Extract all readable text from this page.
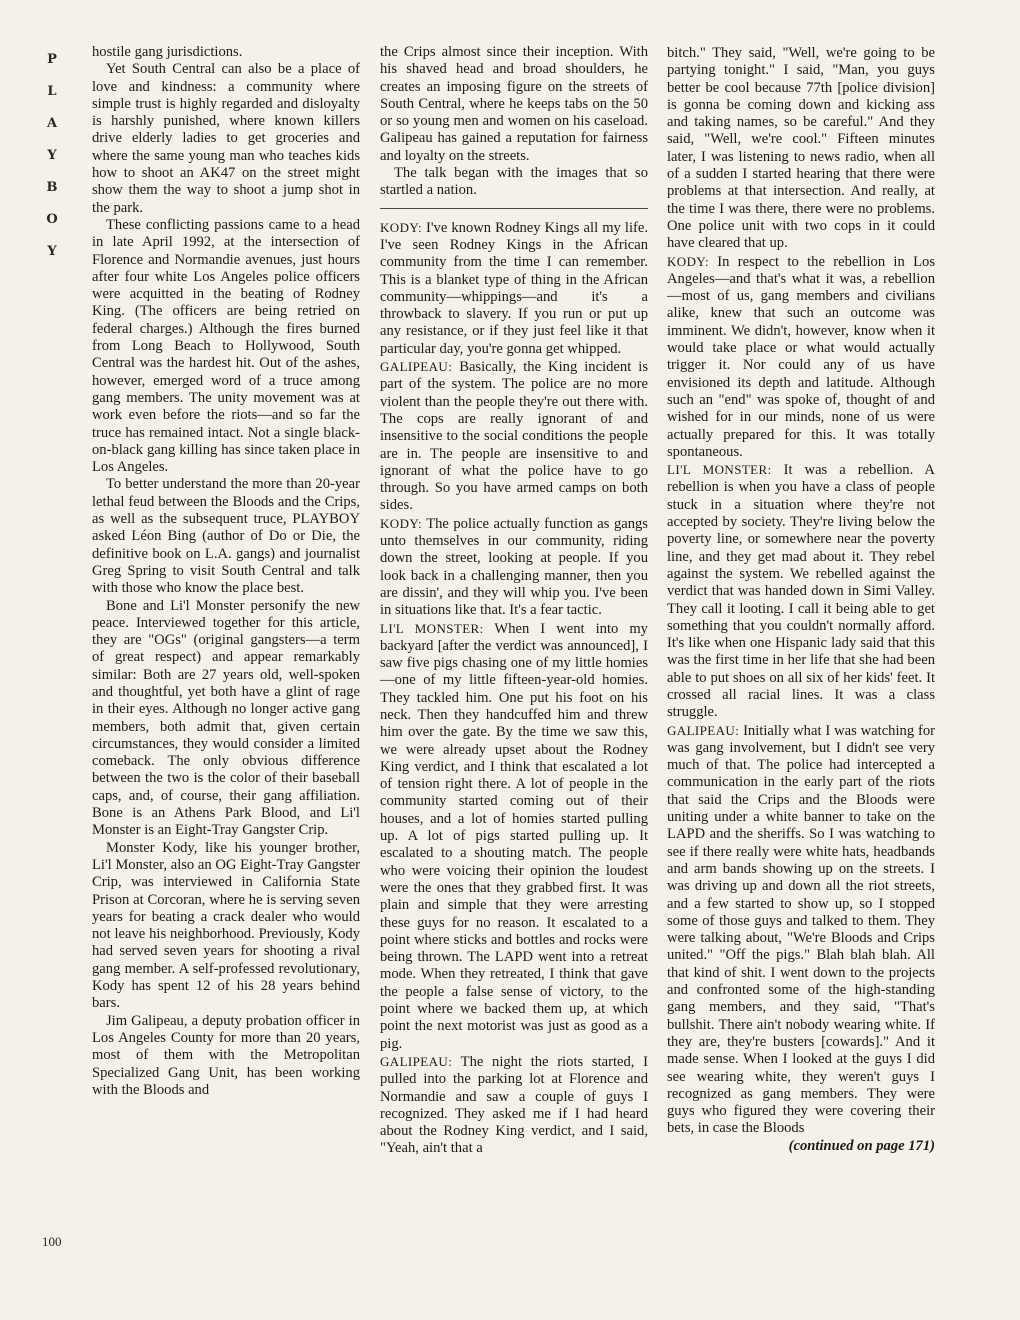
P
L
A
Y
B
O
Y

hostile gang jurisdictions.

Yet South Central can also be a place of love and kindness: a community where simple trust is highly regarded and disloyalty is harshly punished, where known killers drive elderly ladies to get groceries and where the same young man who teaches kids how to shoot an AK47 on the street might show them the way to shoot a jump shot in the park.

These conflicting passions came to a head in late April 1992, at the intersection of Florence and Normandie avenues, just hours after four white Los Angeles police officers were acquitted in the beating of Rodney King. (The officers are being retried on federal charges.) Although the fires burned from Long Beach to Hollywood, South Central was the hardest hit. Out of the ashes, however, emerged word of a truce among gang members. The unity movement was at work even before the riots—and so far the truce has remained intact. Not a single black-on-black gang killing has since taken place in Los Angeles.

To better understand the more than 20-year lethal feud between the Bloods and the Crips, as well as the subsequent truce, PLAYBOY asked Léon Bing (author of Do or Die, the definitive book on L.A. gangs) and journalist Greg Spring to visit South Central and talk with those who know the place best.

Bone and Li'l Monster personify the new peace. Interviewed together for this article, they are "OGs" (original gangsters—a term of great respect) and appear remarkably similar: Both are 27 years old, well-spoken and thoughtful, yet both have a glint of rage in their eyes. Although no longer active gang members, both admit that, given certain circumstances, they would consider a limited comeback. The only obvious difference between the two is the color of their baseball caps, and, of course, their gang affiliation. Bone is an Athens Park Blood, and Li'l Monster is an Eight-Tray Gangster Crip.

Monster Kody, like his younger brother, Li'l Monster, also an OG Eight-Tray Gangster Crip, was interviewed in California State Prison at Corcoran, where he is serving seven years for beating a crack dealer who would not leave his neighborhood. Previously, Kody had served seven years for shooting a rival gang member. A self-professed revolutionary, Kody has spent 12 of his 28 years behind bars.

Jim Galipeau, a deputy probation officer in Los Angeles County for more than 20 years, most of them with the Metropolitan Specialized Gang Unit, has been working with the Bloods and

the Crips almost since their inception. With his shaved head and broad shoulders, he creates an imposing figure on the streets of South Central, where he keeps tabs on the 50 or so young men and women on his caseload. Galipeau has gained a reputation for fairness and loyalty on the streets.

The talk began with the images that so startled a nation.

KODY: I've known Rodney Kings all my life. I've seen Rodney Kings in the African community from the time I can remember. This is a blanket type of thing in the African community—whippings—and it's a throwback to slavery. If you run or put up any resistance, or if they just feel like it that particular day, you're gonna get whipped.

GALIPEAU: Basically, the King incident is part of the system. The police are no more violent than the people they're out there with. The cops are really ignorant of and insensitive to the social conditions the people are in. The people are insensitive to and ignorant of what the police have to go through. So you have armed camps on both sides.

KODY: The police actually function as gangs unto themselves in our community, riding down the street, looking at people. If you look back in a challenging manner, then you are dissin', and they will whip you. I've been in situations like that. It's a fear tactic.

LI'L MONSTER: When I went into my backyard [after the verdict was announced], I saw five pigs chasing one of my little homies—one of my little fifteen-year-old homies. They tackled him. One put his foot on his neck. Then they handcuffed him and threw him over the gate. By the time we saw this, we were already upset about the Rodney King verdict, and I think that escalated a lot of tension right there. A lot of people in the community started coming out of their houses, and a lot of homies started pulling up. A lot of pigs started pulling up. It escalated to a shouting match. The people who were voicing their opinion the loudest were the ones that they grabbed first. It was plain and simple that they were arresting these guys for no reason. It escalated to a point where sticks and bottles and rocks were being thrown. The LAPD went into a retreat mode. When they retreated, I think that gave the people a false sense of victory, to the point where we backed them up, at which point the next motorist was just as good as a pig.

GALIPEAU: The night the riots started, I pulled into the parking lot at Florence and Normandie and saw a couple of guys I recognized. They asked me if I had heard about the Rodney King verdict, and I said, "Yeah, ain't that a

bitch." They said, "Well, we're going to be partying tonight." I said, "Man, you guys better be cool because 77th [police division] is gonna be coming down and kicking ass and taking names, so be careful." And they said, "Well, we're cool." Fifteen minutes later, I was listening to news radio, when all of a sudden I started hearing that there were problems at that intersection. And really, at the time I was there, there were no problems. One police unit with two cops in it could have cleared that up.

KODY: In respect to the rebellion in Los Angeles—and that's what it was, a rebellion—most of us, gang members and civilians alike, knew that such an outcome was imminent. We didn't, however, know when it would take place or what would actually trigger it. Nor could any of us have envisioned its depth and latitude. Although such an "end" was spoke of, thought of and wished for in our minds, none of us were actually prepared for this. It was totally spontaneous.

LI'L MONSTER: It was a rebellion. A rebellion is when you have a class of people stuck in a situation where they're not accepted by society. They're living below the poverty line, or somewhere near the poverty line, and they get mad about it. They rebel against the system. We rebelled against the verdict that was handed down in Simi Valley. They call it looting. I call it being able to get something that you couldn't normally afford. It's like when one Hispanic lady said that this was the first time in her life that she had been able to put shoes on all six of her kids' feet. It crossed all racial lines. It was a class struggle.

GALIPEAU: Initially what I was watching for was gang involvement, but I didn't see very much of that. The police had intercepted a communication in the early part of the riots that said the Crips and the Bloods were uniting under a white banner to take on the LAPD and the sheriffs. So I was watching to see if there really were white hats, headbands and arm bands showing up on the streets. I was driving up and down all the riot streets, and a few started to show up, so I stopped some of those guys and talked to them. They were talking about, "We're Bloods and Crips united." "Off the pigs." Blah blah blah. All that kind of shit. I went down to the projects and confronted some of the high-standing gang members, and they said, "That's bullshit. There ain't nobody wearing white. If they are, they're busters [cowards]." And it made sense. When I looked at the guys I did see wearing white, they weren't guys I recognized as gang members. They were guys who figured they were covering their bets, in case the Bloods

(continued on page 171)

100
